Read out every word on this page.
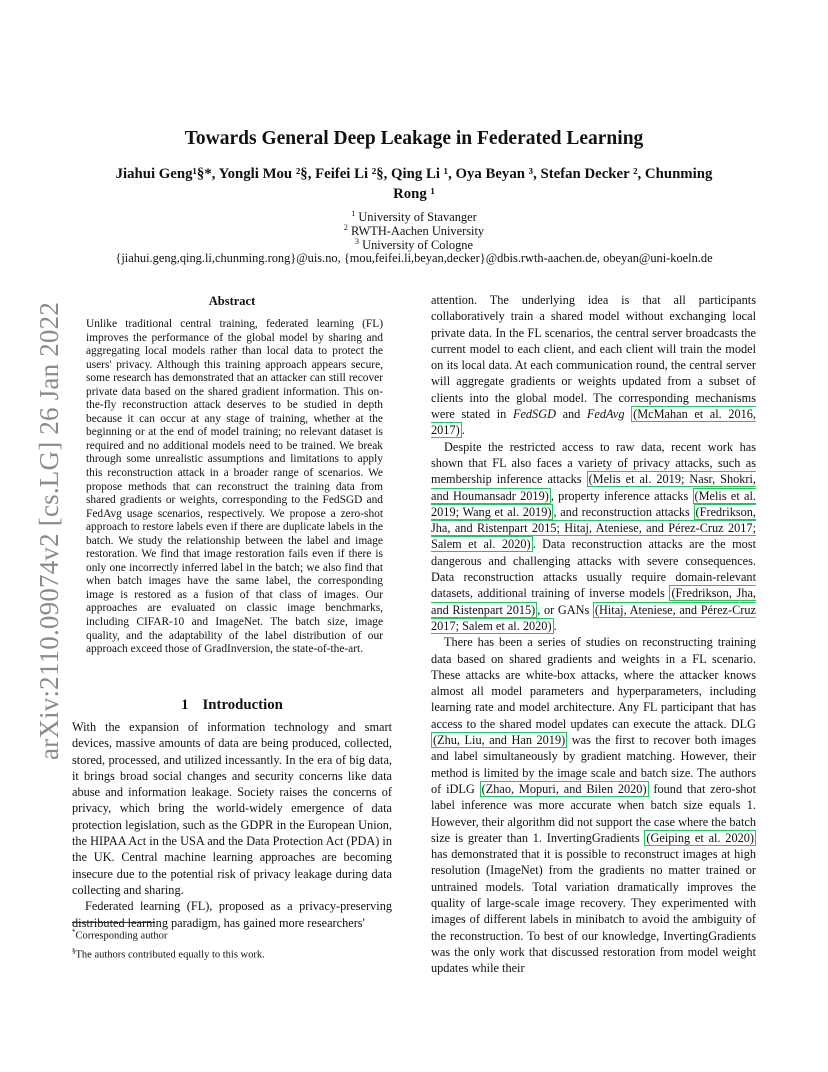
Towards General Deep Leakage in Federated Learning
Jiahui Geng¹§*, Yongli Mou ²§, Feifei Li ²§, Qing Li ¹, Oya Beyan ³, Stefan Decker ², Chunming
Rong ¹
$^1$ University of Stavanger
$^2$ RWTH-Aachen University
$^3$ University of Cologne
{jiahui.geng,qing.li,chunming.rong}@uis.no, {mou,feifei.li,beyan,decker}@dbis.rwth-aachen.de, obeyan@uni-koeln.de
arXiv:2110.09074v2 [cs.LG] 26 Jan 2022
Abstract
Unlike traditional central training, federated learning (FL) improves the performance of the global model by sharing and aggregating local models rather than local data to protect the users' privacy. Although this training approach appears secure, some research has demonstrated that an attacker can still recover private data based on the shared gradient information. This on-the-fly reconstruction attack deserves to be studied in depth because it can occur at any stage of training, whether at the beginning or at the end of model training; no relevant dataset is required and no additional models need to be trained. We break through some unrealistic assumptions and limitations to apply this reconstruction attack in a broader range of scenarios. We propose methods that can reconstruct the training data from shared gradients or weights, corresponding to the FedSGD and FedAvg usage scenarios, respectively. We propose a zero-shot approach to restore labels even if there are duplicate labels in the batch. We study the relationship between the label and image restoration. We find that image restoration fails even if there is only one incorrectly inferred label in the batch; we also find that when batch images have the same label, the corresponding image is restored as a fusion of that class of images. Our approaches are evaluated on classic image benchmarks, including CIFAR-10 and ImageNet. The batch size, image quality, and the adaptability of the label distribution of our approach exceed those of GradInversion, the state-of-the-art.
1 Introduction

With the expansion of information technology and smart devices, massive amounts of data are being produced, collected, stored, processed, and utilized incessantly. In the era of big data, it brings broad social changes and security concerns like data abuse and information leakage. Society raises the concerns of privacy, which bring the world-widely emergence of data protection legislation, such as the GDPR in the European Union, the HIPAA Act in the USA and the Data Protection Act (PDA) in the UK. Central machine learning approaches are becoming insecure due to the potential risk of privacy leakage during data collecting and sharing.

Federated learning (FL), proposed as a privacy-preserving distributed learning paradigm, has gained more researchers'

*Corresponding author
§The authors contributed equally to this work.

attention. The underlying idea is that all participants collaboratively train a shared model without exchanging local private data. In the FL scenarios, the central server broadcasts the current model to each client, and each client will train the model on its local data. At each communication round, the central server will aggregate gradients or weights updated from a subset of clients into the global model. The corresponding mechanisms were stated in FedSGD and FedAvg (McMahan et al. 2016, 2017) .

Despite the restricted access to raw data, recent work has shown that FL also faces a variety of privacy attacks, such as membership inference attacks (Melis et al. 2019; Nasr, Shokri, and Houmansadr 2019) , property inference attacks (Melis et al. 2019; Wang et al. 2019) , and reconstruction attacks (Fredrikson, Jha, and Ristenpart 2015; Hitaj, Ateniese, and Pérez-Cruz 2017; Salem et al. 2020) . Data reconstruction attacks are the most dangerous and challenging attacks with severe consequences. Data reconstruction attacks usually require domain-relevant datasets, additional training of inverse models (Fredrikson, Jha, and Ristenpart 2015) , or GANs (Hitaj, Ateniese, and Pérez-Cruz 2017; Salem et al. 2020) .

There has been a series of studies on reconstructing training data based on shared gradients and weights in a FL scenario. These attacks are white-box attacks, where the attacker knows almost all model parameters and hyperparameters, including learning rate and model architecture. Any FL participant that has access to the shared model updates can execute the attack. DLG (Zhu, Liu, and Han 2019) was the first to recover both images and label simultaneously by gradient matching. However, their method is limited by the image scale and batch size. The authors of iDLG (Zhao, Mopuri, and Bilen 2020) found that zero-shot label inference was more accurate when batch size equals 1. However, their algorithm did not support the case where the batch size is greater than 1. InvertingGradients (Geiping et al. 2020) has demonstrated that it is possible to reconstruct images at high resolution (ImageNet) from the gradients no matter trained or untrained models. Total variation dramatically improves the quality of large-scale image recovery. They experimented with images of different labels in minibatch to avoid the ambiguity of the reconstruction. To best of our knowledge, InvertingGradients was the only work that discussed restoration from model weight updates while their
